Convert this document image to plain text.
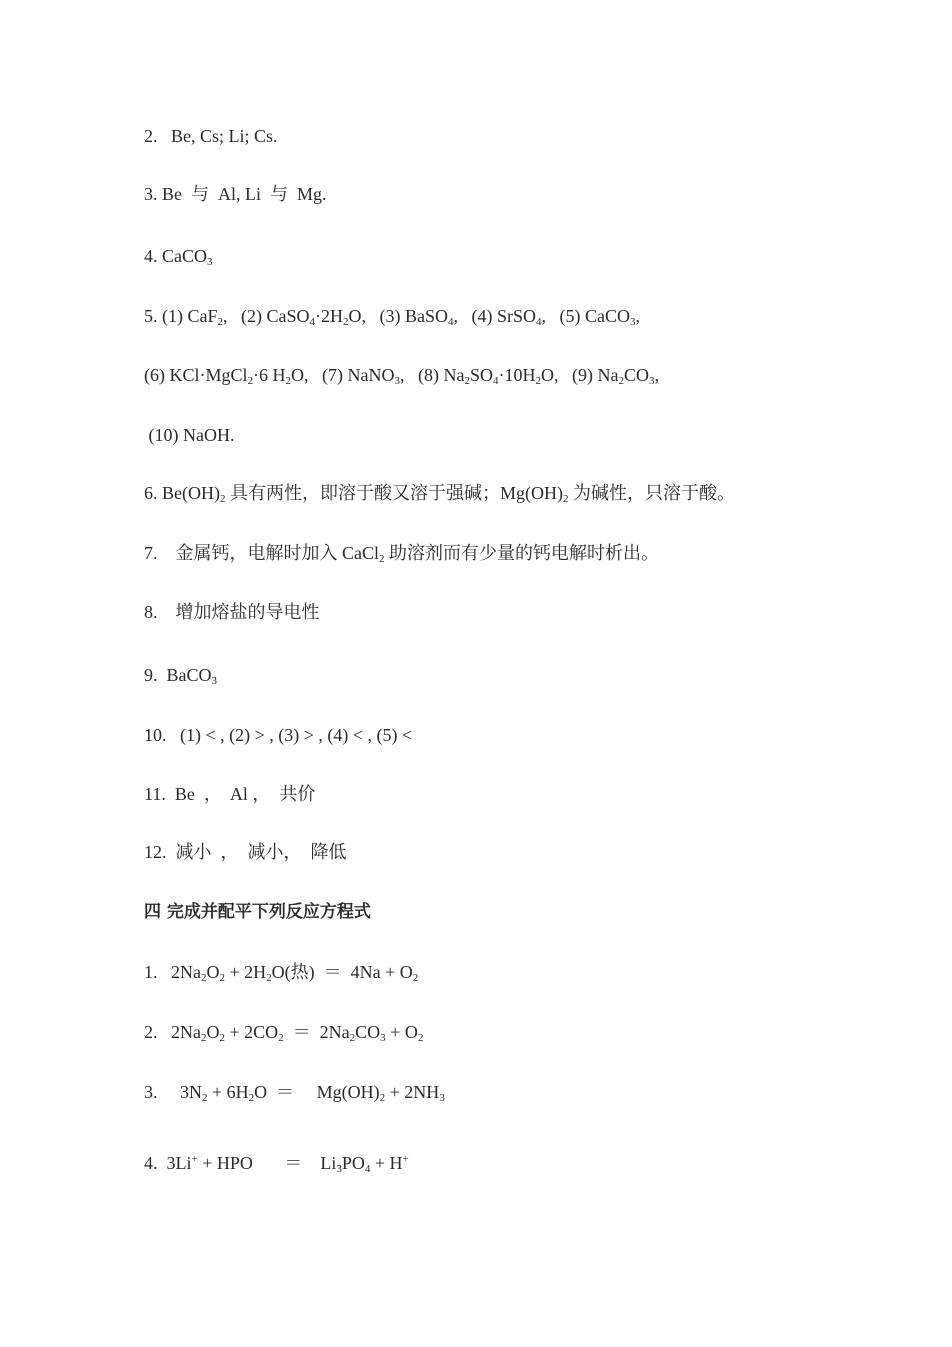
2.   Be, Cs; Li; Cs.
3. Be  与  Al, Li  与  Mg.
4. CaCO$_3$
5. (1) CaF$_2$,   (2) $CaSO_4\cdot 2H_2O$,   (3) BaSO$_4$,   (4) SrSO$_4$,   (5) CaCO$_3$,
(6) KCl·MgCl$_2$·6 $H_2O$,   (7) NaNO$_3$,   (8) $Na_2SO_4\cdot 10H_2O$,   (9) $Na_2CO_3$,
(10) NaOH.
6. $Be(OH)_2$ 具有两性，即溶于酸又溶于强碱；$Mg(OH)_2$ 为碱性，只溶于酸。
7.    金属钙，电解时加入 CaCl$_2$ 助溶剂而有少量的钙电解时析出。
8.    增加熔盐的导电性
9.  BaCO$_3$
10.   (1) < , (2) > , (3) > , (4) < , (5) <
11.  Be  ，  Al ，  共价
12.  减小  ，  减小，  降低
四 完成并配平下列反应方程式
1.   $2Na_2O_2 + 2H_2O$(热)  ＝  $4Na + O_2$
2.   $2Na_2O_2 + 2CO_2 = 2Na_2CO_3 + O_2$
3.     $3N_2 + 6H_2O$  ＝     $Mg(OH)_2 + 2NH_3$
4.  3Li+ + HPO       ＝    $Li_3PO_4 + H^+$
